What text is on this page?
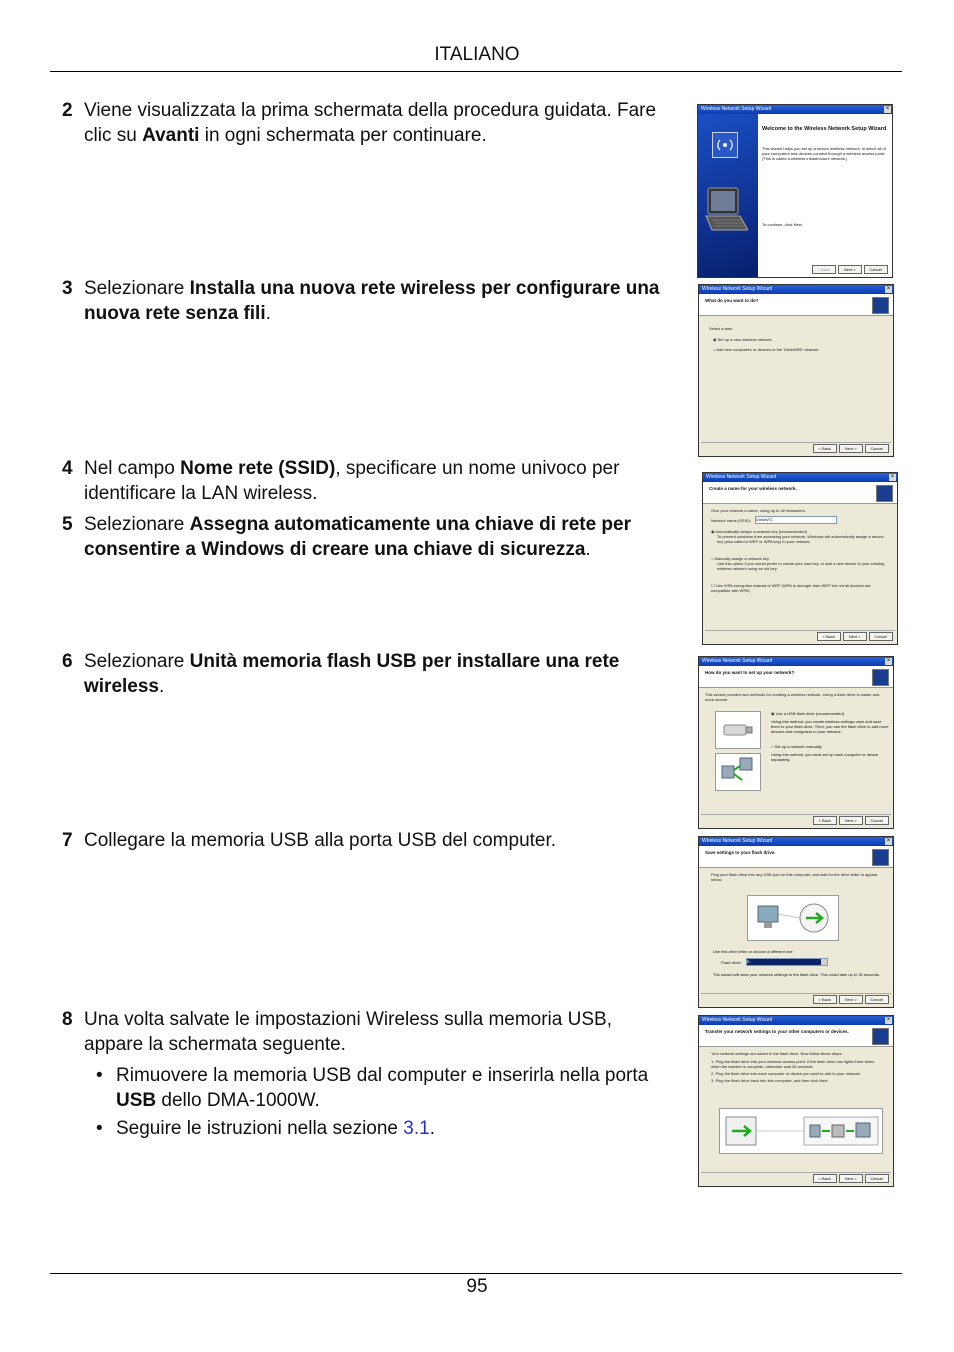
ITALIANO
2 Viene visualizzata la prima schermata della procedura guidata. Fare clic su Avanti in ogni schermata per continuare.
3 Selezionare Installa una nuova rete wireless per configurare una nuova rete senza fili.
4 Nel campo Nome rete (SSID), specificare un nome univoco per identificare la LAN wireless.
5 Selezionare Assegna automaticamente una chiave di rete per consentire a Windows di creare una chiave di sicurezza.
6 Selezionare Unità memoria flash USB per installare una rete wireless.
7 Collegare la memoria USB alla porta USB del computer.
8 Una volta salvate le impostazioni Wireless sulla memoria USB, appare la schermata seguente.
• Rimuovere la memoria USB dal computer e inserirla nella porta USB dello DMA-1000W.
• Seguire le istruzioni nella sezione 3.1.
Wireless Network Setup Wizard	×
Welcome to the Wireless Network Setup Wizard
This wizard helps you set up a secure wireless network, in which all of your computers and devices connect through a wireless access point. (This is called a wireless infrastructure network.)
To continue, click Next.
< Back	Next >	Cancel
Wireless Network Setup Wizard	×
What do you want to do?
Select a task:
◉ Set up a new wireless network
○ Add new computers or devices to the 'DlinkWRD' network.
< Back	Next >	Cancel
Wireless Network Setup Wizard	×
Create a name for your wireless network.
Give your network a name, using up to 32 characters.
Network name (SSID): DlinkWTL
◉ Automatically assign a network key (recommended)
To prevent outsiders from accessing your network, Windows will automatically assign a secure key (also called a WEP or WPA key) to your network.
○ Manually assign a network key
Use this option if you would prefer to create your own key, or add a new device to your existing wireless network using an old key.
☐ Use WPA encryption instead of WEP (WPA is stronger than WEP but not all devices are compatible with WPA)
< Back	Next >	Cancel
Wireless Network Setup Wizard	×
How do you want to set up your network?
This wizard provides two methods for creating a wireless network. Using a flash drive is easier and more secure.
◉ Use a USB flash drive (recommended)
Using this method, you create wireless settings once and save them to your flash drive. Then, you use the flash drive to add more devices and computers to your network.
○ Set up a network manually
Using this method, you must set up each computer or device separately.
< Back	Next >	Cancel
Wireless Network Setup Wizard	×
Save settings to your flash drive.
Plug your flash drive into any USB port on this computer, and wait for the drive letter to appear below.
Use this drive letter or choose a different one:
Flash drive: E:
The wizard will save your network settings to the flash drive. This could take up to 30 seconds.
< Back	Next >	Cancel
Wireless Network Setup Wizard	×
Transfer your network settings to your other computers or devices.
Your network settings are saved to the flash drive. Now follow these steps:
1. Plug the flash drive into your wireless access point. If the flash drive has lights three times when the transfer is complete, otherwise wait 30 seconds.
2. Plug the flash drive into each computer or device you want to add to your network.
3. Plug the flash drive back into this computer, and then click Next.
< Back	Next >	Cancel
95
